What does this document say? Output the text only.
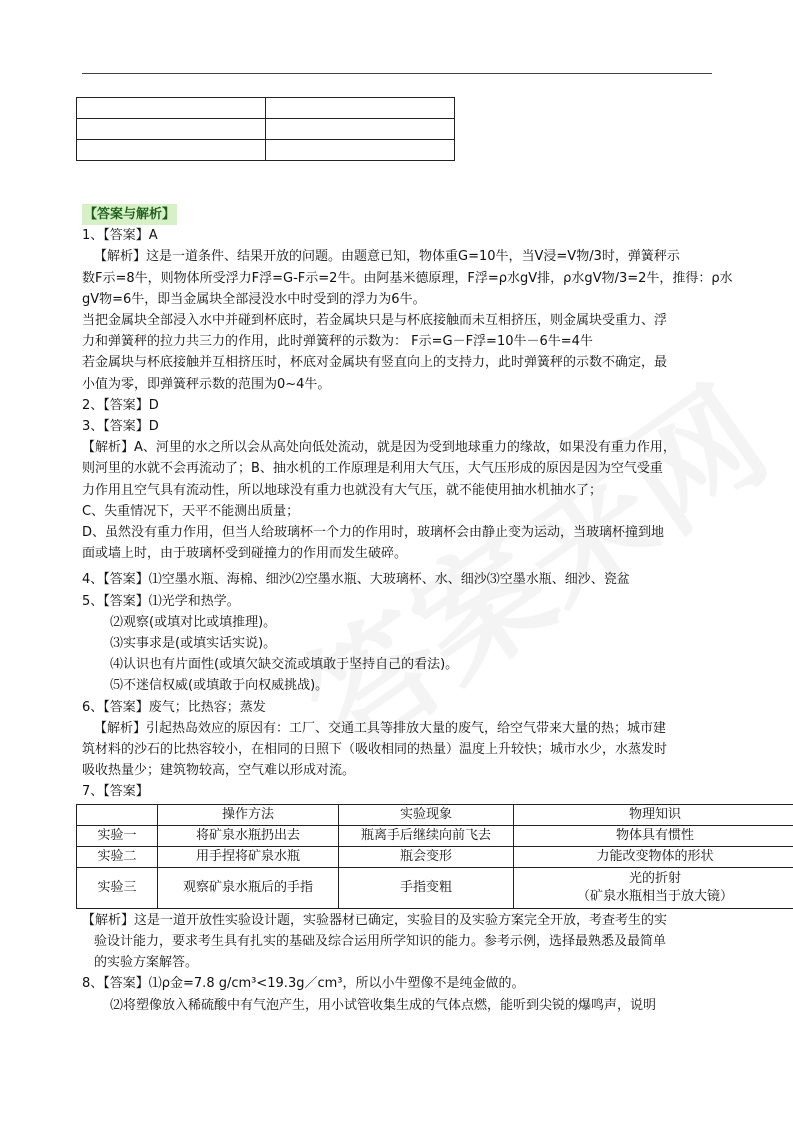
【答案与解析】
1、【答案】A
【解析】这是一道条件、结果开放的问题。由题意已知，物体重G=10牛，当V浸=V物/3时，弹簧秤示
数F示=8牛，则物体所受浮力F浮=G-F示=2牛。由阿基米德原理，F浮=ρ水gV排，ρ水gV物/3=2牛，推得：ρ水
gV物=6牛，即当金属块全部浸没水中时受到的浮力为6牛。
当把金属块全部浸入水中并碰到杯底时，若金属块只是与杯底接触而未互相挤压，则金属块受重力、浮
力和弹簧秤的拉力共三力的作用，此时弹簧秤的示数为： F示=G－F浮=10牛－6牛=4牛
若金属块与杯底接触并互相挤压时，杯底对金属块有竖直向上的支持力，此时弹簧秤的示数不确定，最
小值为零，即弹簧秤示数的范围为0~4牛。
2、【答案】D
3、【答案】D
【解析】A、河里的水之所以会从高处向低处流动，就是因为受到地球重力的缘故，如果没有重力作用，
则河里的水就不会再流动了；B、抽水机的工作原理是利用大气压，大气压形成的原因是因为空气受重
力作用且空气具有流动性，所以地球没有重力也就没有大气压，就不能使用抽水机抽水了；
C、失重情况下，天平不能测出质量；
D、虽然没有重力作用，但当人给玻璃杯一个力的作用时，玻璃杯会由静止变为运动，当玻璃杯撞到地
面或墙上时，由于玻璃杯受到碰撞力的作用而发生破碎。
4、【答案】⑴空墨水瓶、海棉、细沙⑵空墨水瓶、大玻璃杯、水、细沙⑶空墨水瓶、细沙、瓷盆
5、【答案】⑴光学和热学。
⑵观察(或填对比或填推理)。
⑶实事求是(或填实话实说)。
⑷认识也有片面性(或填欠缺交流或填敢于坚持自己的看法)。
⑸不迷信权威(或填敢于向权威挑战)。
6、【答案】废气；比热容；蒸发
【解析】引起热岛效应的原因有：工厂、交通工具等排放大量的废气，给空气带来大量的热；城市建
筑材料的沙石的比热容较小，在相同的日照下（吸收相同的热量）温度上升较快；城市水少，水蒸发时
吸收热量少；建筑物较高，空气难以形成对流。
7、【答案】
	操作方法	实验现象	物理知识
实验一	将矿泉水瓶扔出去	瓶离手后继续向前飞去	物体具有惯性
实验二	用手捏将矿泉水瓶	瓶会变形	力能改变物体的形状
实验三	观察矿泉水瓶后的手指	手指变粗	光的折射
（矿泉水瓶相当于放大镜）
【解析】这是一道开放性实验设计题，实验器材已确定，实验目的及实验方案完全开放，考查考生的实
验设计能力，要求考生具有扎实的基础及综合运用所学知识的能力。参考示例，选择最熟悉及最简单
的实验方案解答。
8、【答案】⑴ρ金=7.8 g/cm³<19.3g／cm³，所以小牛塑像不是纯金做的。
⑵将塑像放入稀硫酸中有气泡产生，用小试管收集生成的气体点燃，能听到尖锐的爆鸣声，说明
